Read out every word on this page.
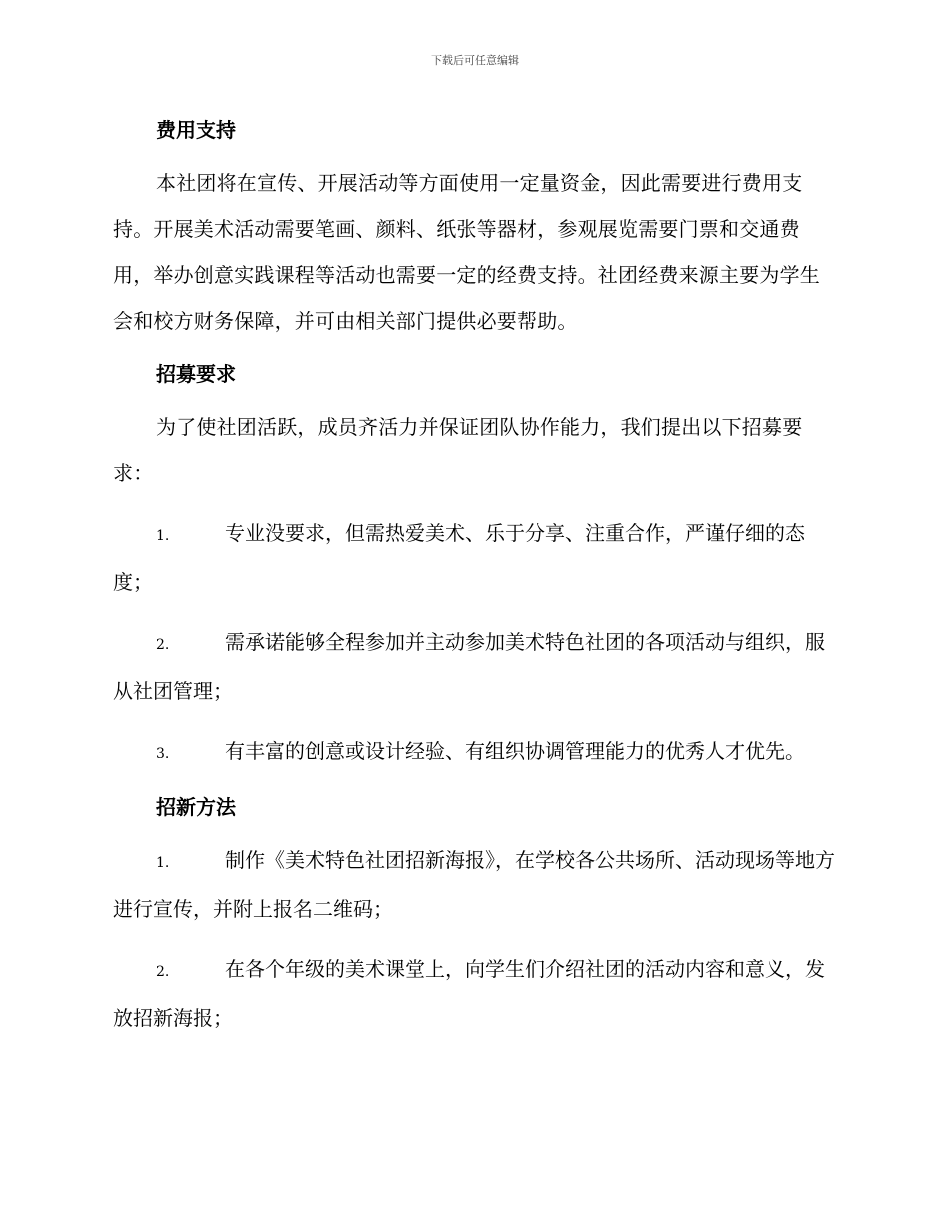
下载后可任意编辑
费用支持

本社团将在宣传、开展活动等方面使用一定量资金，因此需要进行费用支持。开展美术活动需要笔画、颜料、纸张等器材，参观展览需要门票和交通费用，举办创意实践课程等活动也需要一定的经费支持。社团经费来源主要为学生会和校方财务保障，并可由相关部门提供必要帮助。

招募要求

为了使社团活跃，成员齐活力并保证团队协作能力，我们提出以下招募要求：

1.	专业没要求，但需热爱美术、乐于分享、注重合作，严谨仔细的态度；
2.	需承诺能够全程参加并主动参加美术特色社团的各项活动与组织，服从社团管理；
3.	有丰富的创意或设计经验、有组织协调管理能力的优秀人才优先。
招新方法
1.	制作《美术特色社团招新海报》，在学校各公共场所、活动现场等地方进行宣传，并附上报名二维码；
2.	在各个年级的美术课堂上，向学生们介绍社团的活动内容和意义，发放招新海报；
